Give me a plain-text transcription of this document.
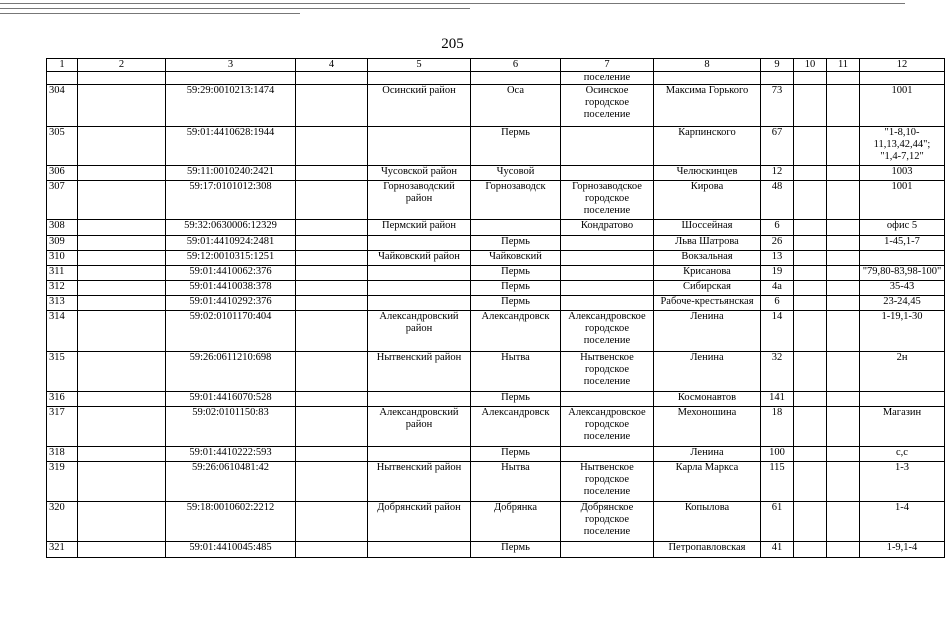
205
1	2	3	4	5	6	7	8	9	10	11	12
						поселение					
304		59:29:0010213:1474		Осинский район	Оса	Осинское городское поселение	Максима Горького	73			1001
305		59:01:4410628:1944			Пермь		Карпинского	67			"1-8,10-11,13,42,44"; "1,4-7,12"
306		59:11:0010240:2421		Чусовской район	Чусовой		Челюскинцев	12			1003
307		59:17:0101012:308		Горнозаводский район	Горнозаводск	Горнозаводское городское поселение	Кирова	48			1001
308		59:32:0630006:12329		Пермский район		Кондратово	Шоссейная	6			офис 5
309		59:01:4410924:2481			Пермь		Льва Шатрова	26			1-45,1-7
310		59:12:0010315:1251		Чайковский район	Чайковский		Вокзальная	13			
311		59:01:4410062:376			Пермь		Крисанова	19			"79,80-83,98-100"
312		59:01:4410038:378			Пермь		Сибирская	4а			35-43
313		59:01:4410292:376			Пермь		Рабоче-крестьянская	6			23-24,45
314		59:02:0101170:404		Александровский район	Александровск	Александровское городское поселение	Ленина	14			1-19,1-30
315		59:26:0611210:698		Нытвенский район	Нытва	Нытвенское городское поселение	Ленина	32			2н
316		59:01:4416070:528			Пермь		Космонавтов	141			
317		59:02:0101150:83		Александровский район	Александровск	Александровское городское поселение	Мехоношина	18			Магазин
318		59:01:4410222:593			Пермь		Ленина	100			с,с
319		59:26:0610481:42		Нытвенский район	Нытва	Нытвенское городское поселение	Карла Маркса	115			1-3
320		59:18:0010602:2212		Добрянский район	Добрянка	Добрянское городское поселение	Копылова	61			1-4
321		59:01:4410045:485			Пермь		Петропавловская	41			1-9,1-4
